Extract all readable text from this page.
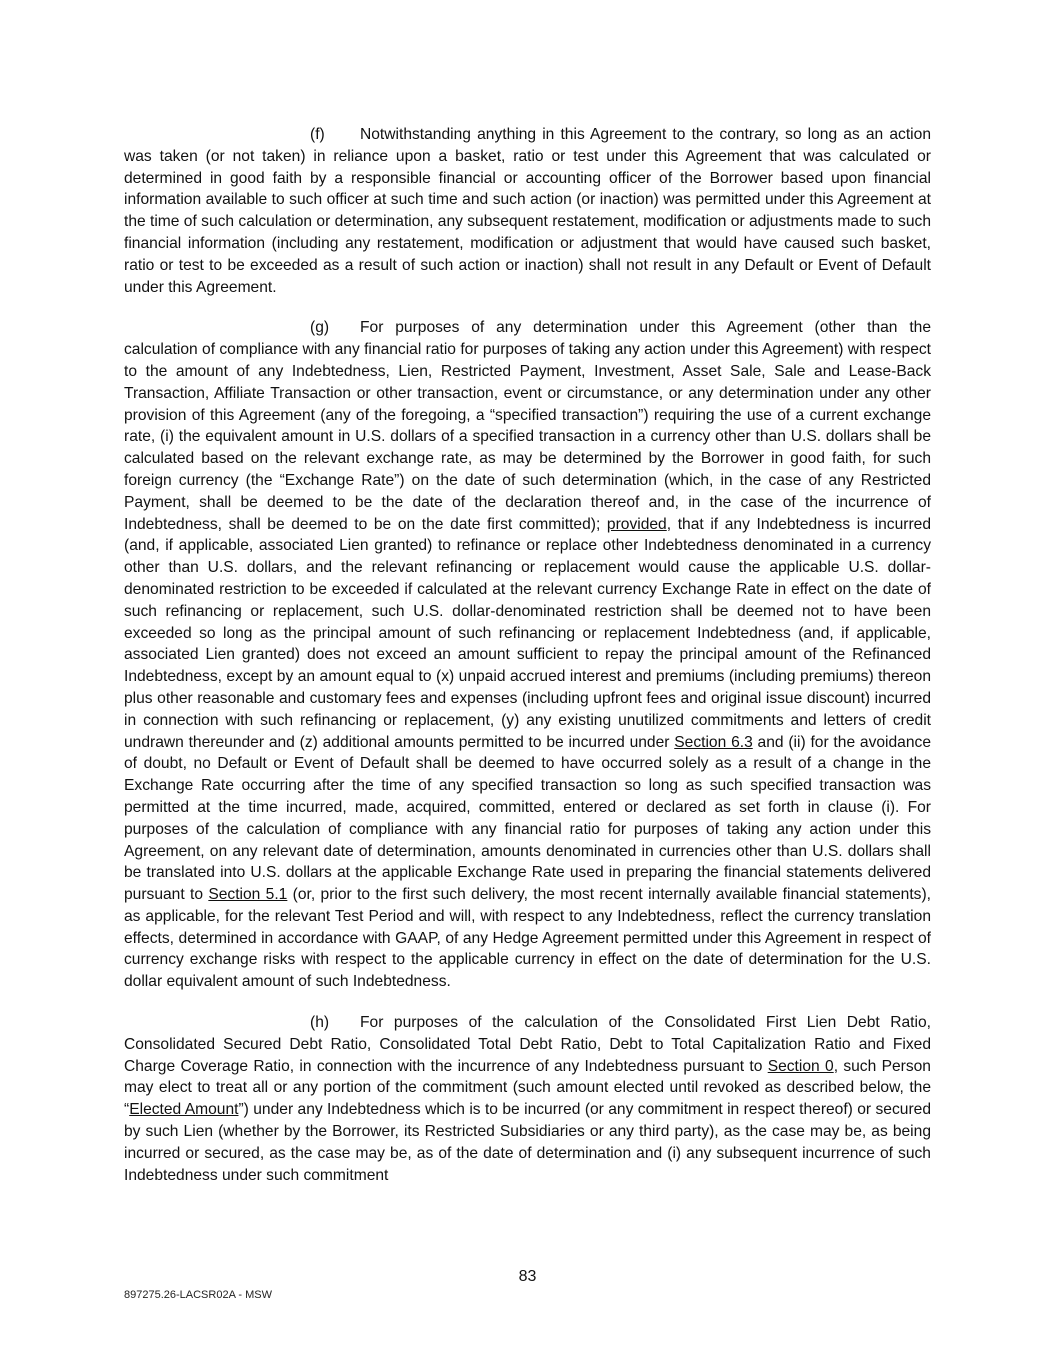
(f) Notwithstanding anything in this Agreement to the contrary, so long as an action was taken (or not taken) in reliance upon a basket, ratio or test under this Agreement that was calculated or determined in good faith by a responsible financial or accounting officer of the Borrower based upon financial information available to such officer at such time and such action (or inaction) was permitted under this Agreement at the time of such calculation or determination, any subsequent restatement, modification or adjustments made to such financial information (including any restatement, modification or adjustment that would have caused such basket, ratio or test to be exceeded as a result of such action or inaction) shall not result in any Default or Event of Default under this Agreement.

(g) For purposes of any determination under this Agreement (other than the calculation of compliance with any financial ratio for purposes of taking any action under this Agreement) with respect to the amount of any Indebtedness, Lien, Restricted Payment, Investment, Asset Sale, Sale and Lease-Back Transaction, Affiliate Transaction or other transaction, event or circumstance, or any determination under any other provision of this Agreement (any of the foregoing, a “specified transaction”) requiring the use of a current exchange rate, (i) the equivalent amount in U.S. dollars of a specified transaction in a currency other than U.S. dollars shall be calculated based on the relevant exchange rate, as may be determined by the Borrower in good faith, for such foreign currency (the “Exchange Rate”) on the date of such determination (which, in the case of any Restricted Payment, shall be deemed to be the date of the declaration thereof and, in the case of the incurrence of Indebtedness, shall be deemed to be on the date first committed); provided, that if any Indebtedness is incurred (and, if applicable, associated Lien granted) to refinance or replace other Indebtedness denominated in a currency other than U.S. dollars, and the relevant refinancing or replacement would cause the applicable U.S. dollar-denominated restriction to be exceeded if calculated at the relevant currency Exchange Rate in effect on the date of such refinancing or replacement, such U.S. dollar-denominated restriction shall be deemed not to have been exceeded so long as the principal amount of such refinancing or replacement Indebtedness (and, if applicable, associated Lien granted) does not exceed an amount sufficient to repay the principal amount of the Refinanced Indebtedness, except by an amount equal to (x) unpaid accrued interest and premiums (including premiums) thereon plus other reasonable and customary fees and expenses (including upfront fees and original issue discount) incurred in connection with such refinancing or replacement, (y) any existing unutilized commitments and letters of credit undrawn thereunder and (z) additional amounts permitted to be incurred under Section 6.3 and (ii) for the avoidance of doubt, no Default or Event of Default shall be deemed to have occurred solely as a result of a change in the Exchange Rate occurring after the time of any specified transaction so long as such specified transaction was permitted at the time incurred, made, acquired, committed, entered or declared as set forth in clause (i). For purposes of the calculation of compliance with any financial ratio for purposes of taking any action under this Agreement, on any relevant date of determination, amounts denominated in currencies other than U.S. dollars shall be translated into U.S. dollars at the applicable Exchange Rate used in preparing the financial statements delivered pursuant to Section 5.1 (or, prior to the first such delivery, the most recent internally available financial statements), as applicable, for the relevant Test Period and will, with respect to any Indebtedness, reflect the currency translation effects, determined in accordance with GAAP, of any Hedge Agreement permitted under this Agreement in respect of currency exchange risks with respect to the applicable currency in effect on the date of determination for the U.S. dollar equivalent amount of such Indebtedness.

(h) For purposes of the calculation of the Consolidated First Lien Debt Ratio, Consolidated Secured Debt Ratio, Consolidated Total Debt Ratio, Debt to Total Capitalization Ratio and Fixed Charge Coverage Ratio, in connection with the incurrence of any Indebtedness pursuant to Section 0, such Person may elect to treat all or any portion of the commitment (such amount elected until revoked as described below, the “Elected Amount”) under any Indebtedness which is to be incurred (or any commitment in respect thereof) or secured by such Lien (whether by the Borrower, its Restricted Subsidiaries or any third party), as the case may be, as being incurred or secured, as the case may be, as of the date of determination and (i) any subsequent incurrence of such Indebtedness under such commitment

83
897275.26-LACSR02A - MSW
